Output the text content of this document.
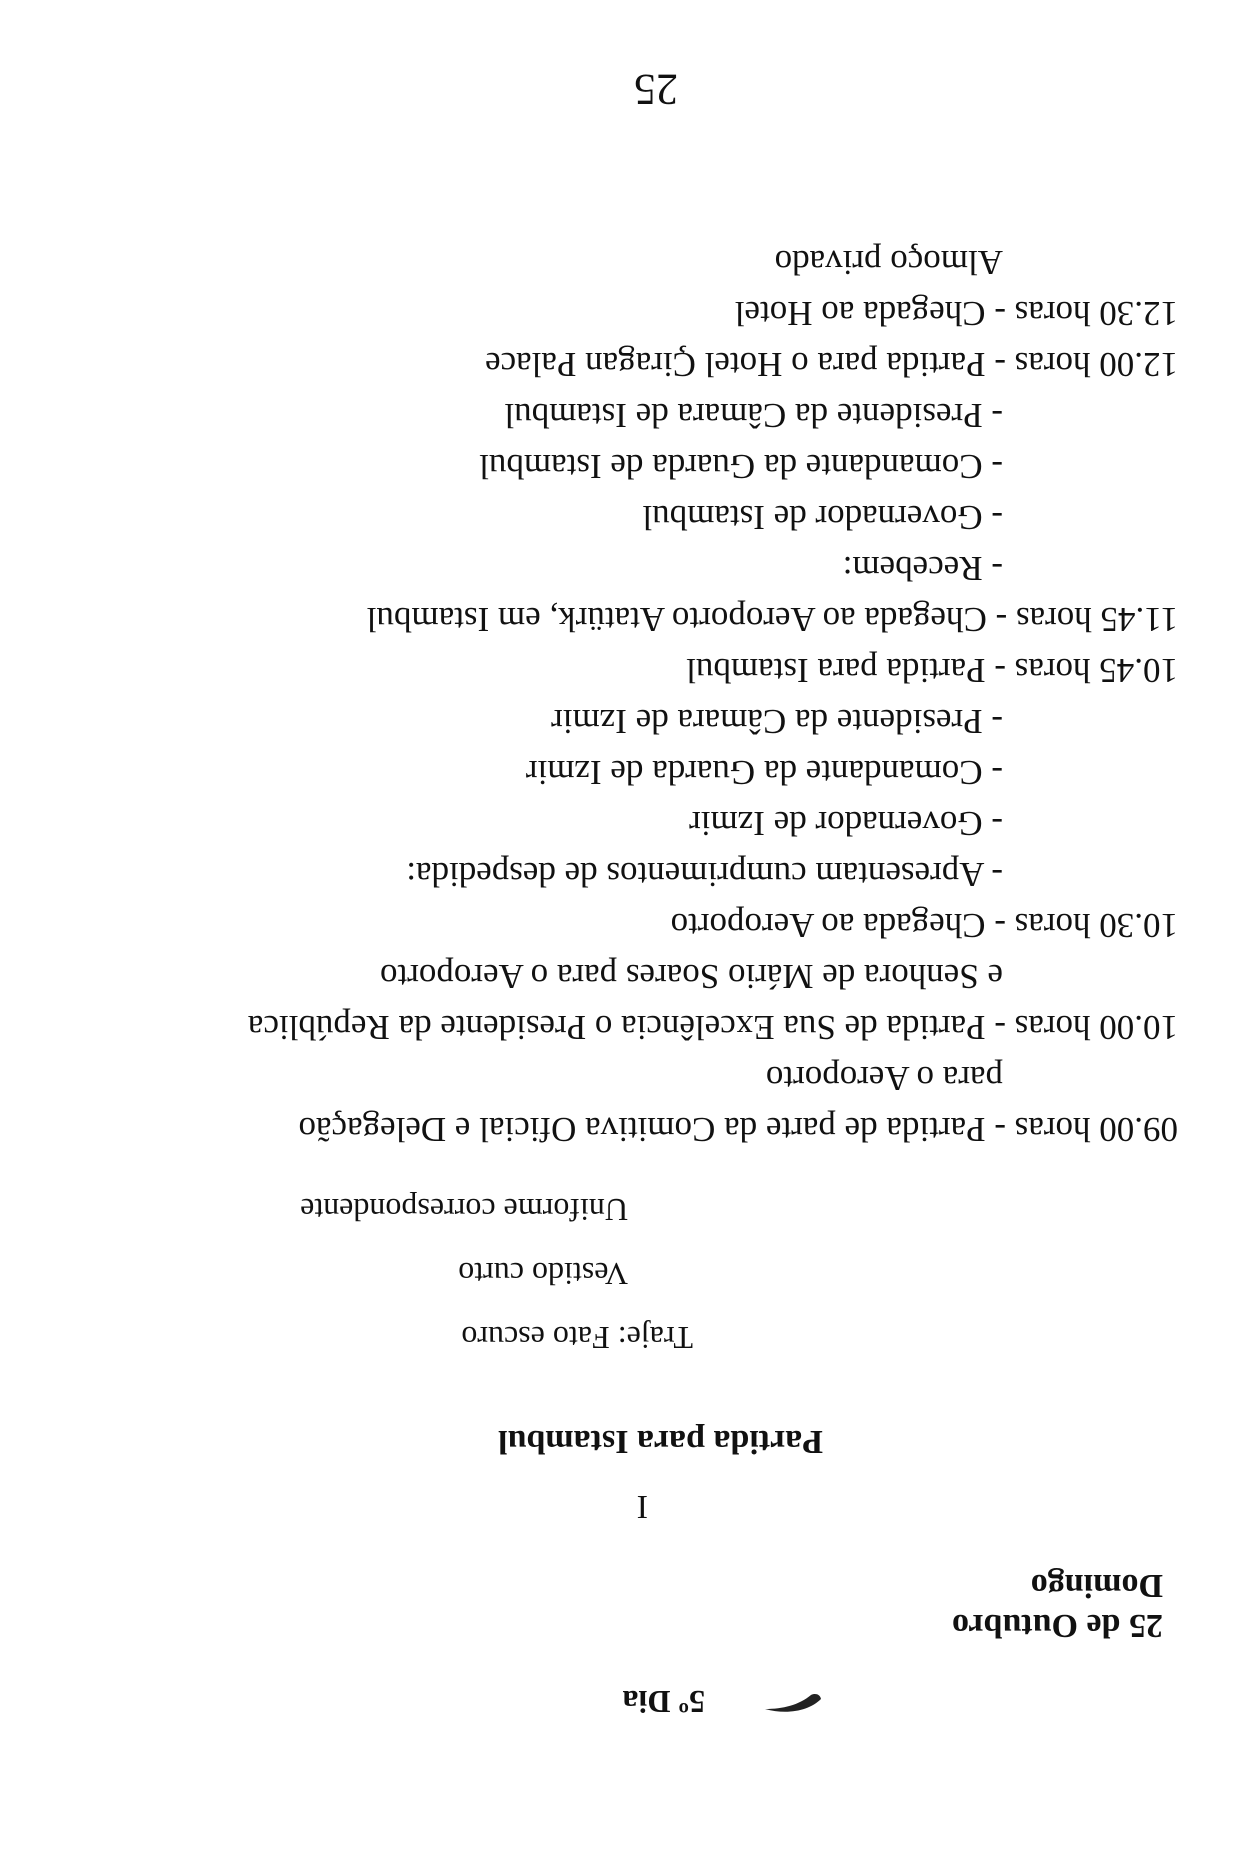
5º Dia
25 de Outubro
Domingo
I
Partida para Istambul
Traje: Fato escuro
Vestido curto
Uniforme correspondente
09.00 horas - Partida de parte da Comitiva Oficial e Delegação
para o Aeroporto
10.00 horas - Partida de Sua Excelência o Presidente da República
e Senhora de Mário Soares para o Aeroporto
10.30 horas - Chegada ao Aeroporto
- Apresentam cumprimentos de despedida:
- Governador de Izmir
- Comandante da Guarda de Izmir
- Presidente da Câmara de Izmir
10.45 horas - Partida para Istambul
11.45 horas - Chegada ao Aeroporto Atatürk, em Istambul
- Recebem:
- Governador de Istambul
- Comandante da Guarda de Istambul
- Presidente da Câmara de Istambul
12.00 horas - Partida para o Hotel Çiragan Palace
12.30 horas - Chegada ao Hotel
Almoço privado
25
